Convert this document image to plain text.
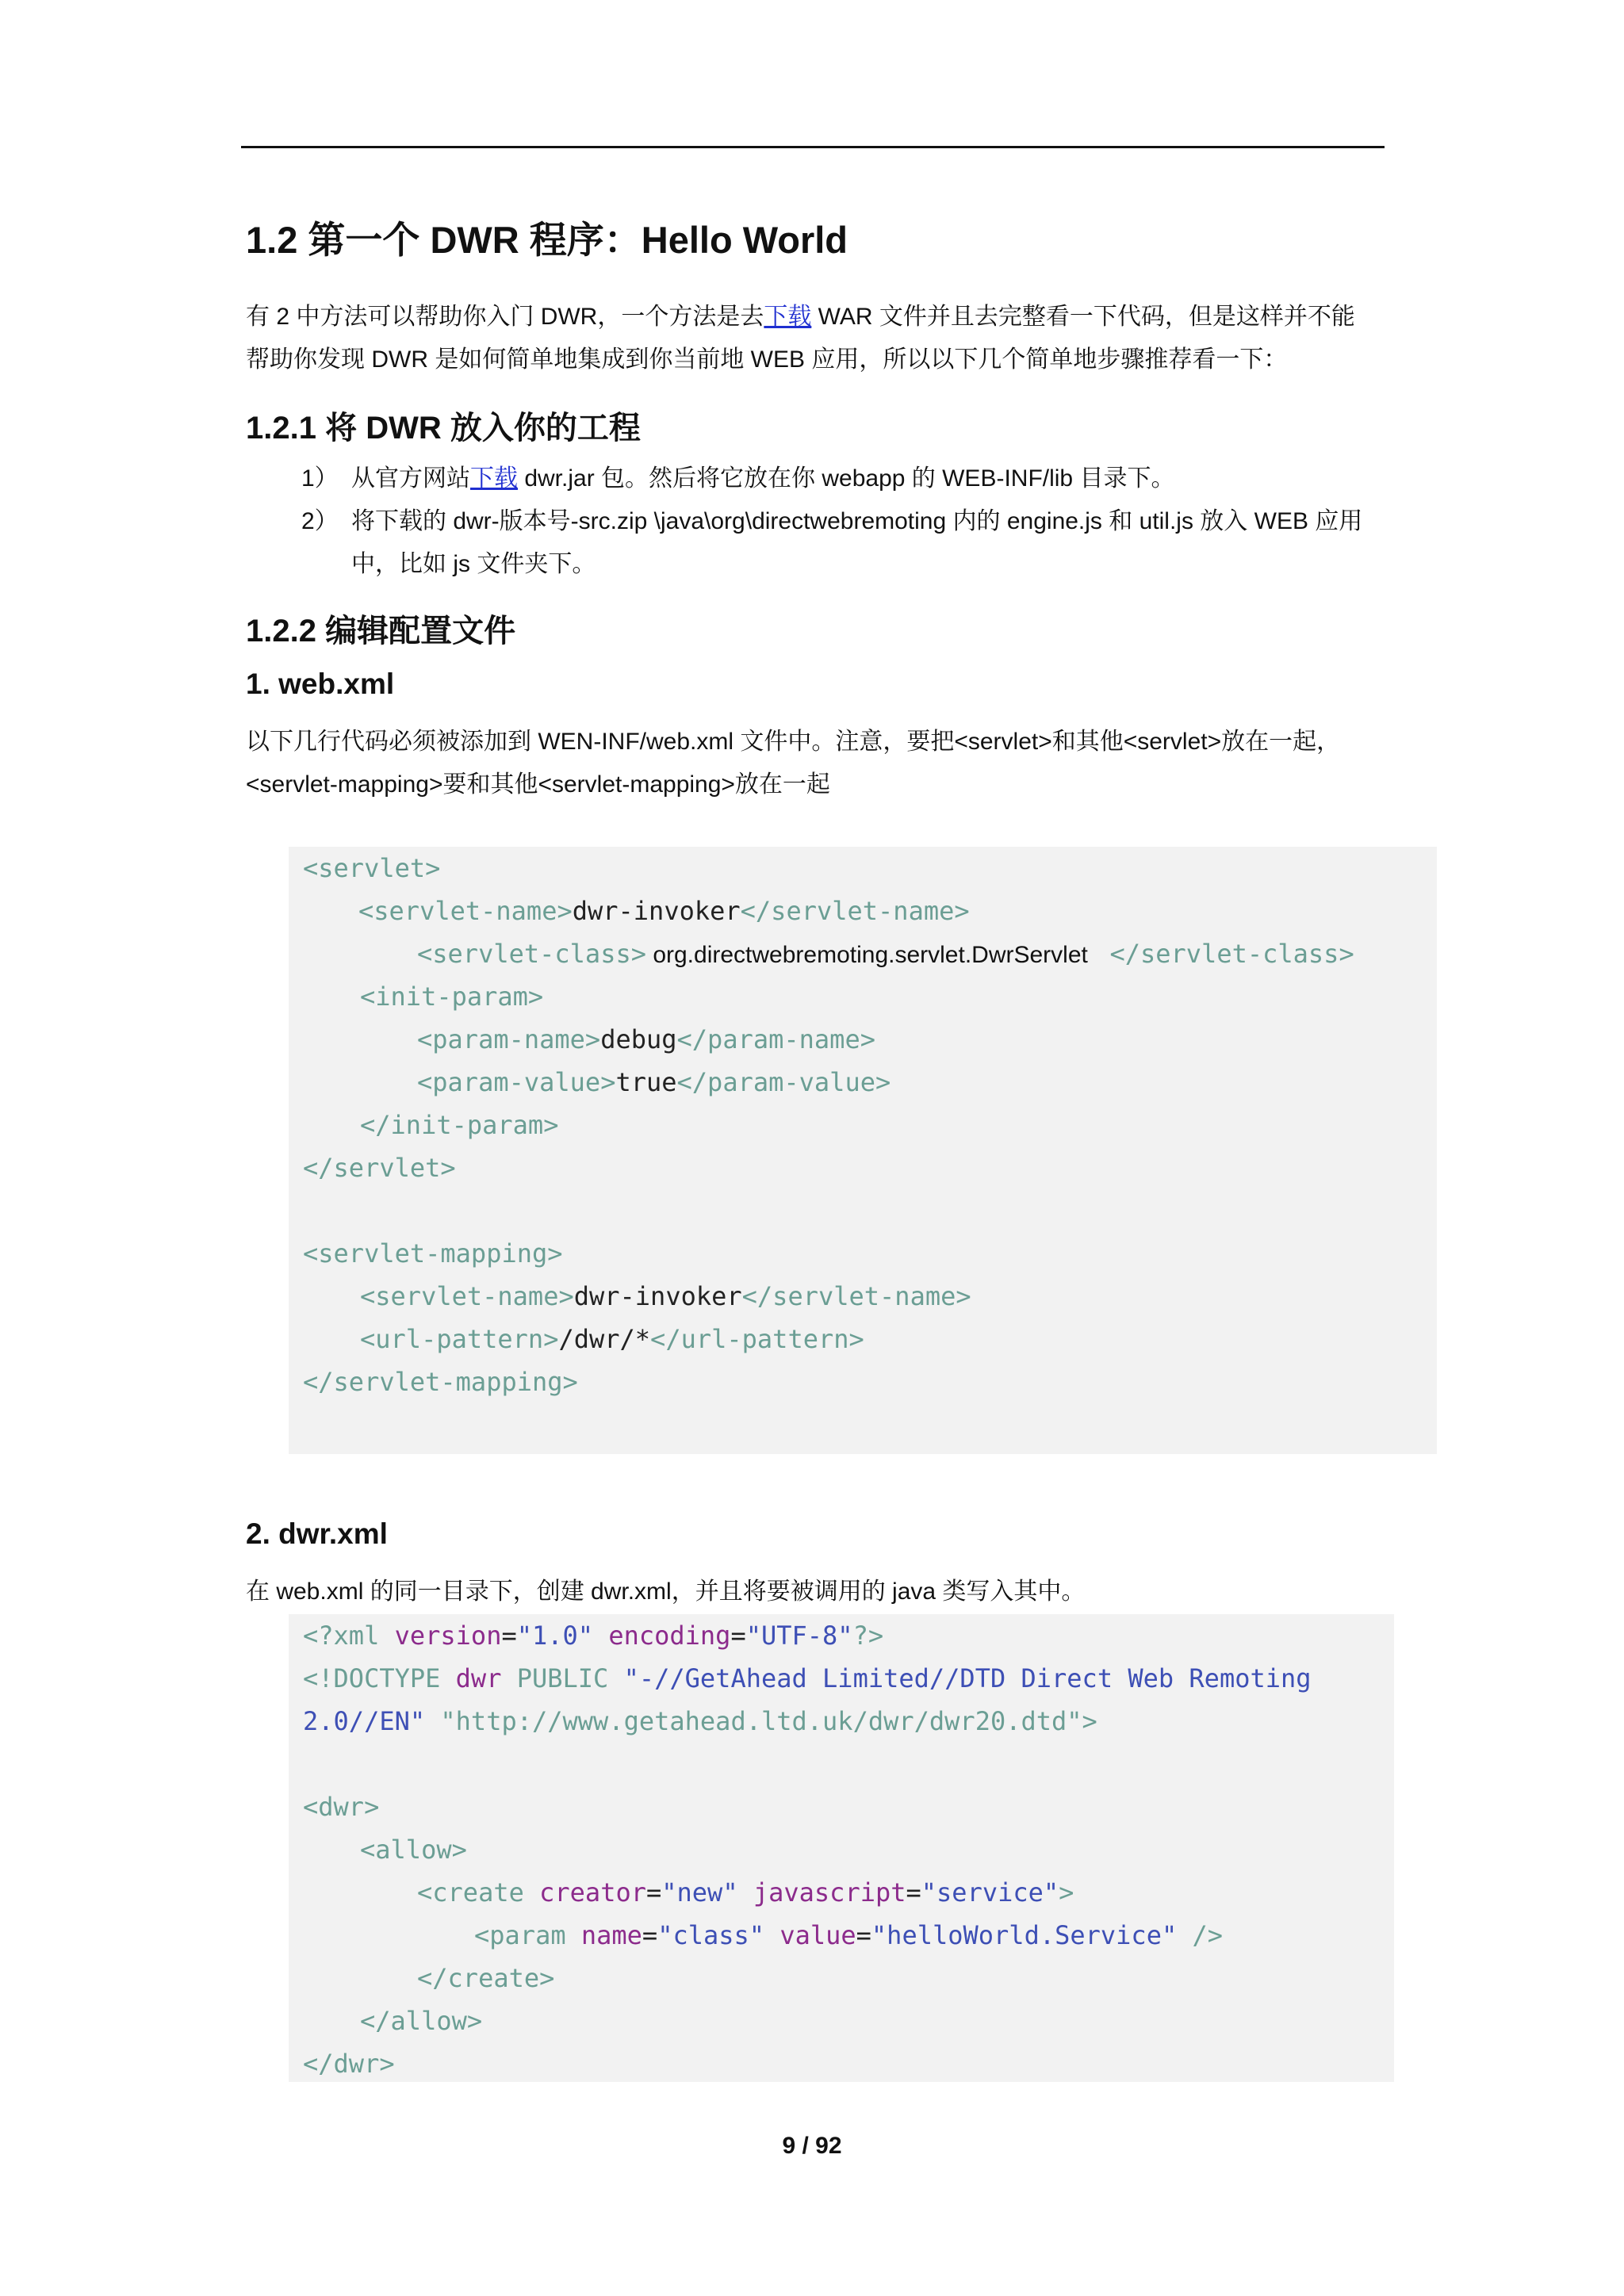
1.2 第一个 DWR 程序：Hello World
有 2 中方法可以帮助你入门 DWR，一个方法是去下载 WAR 文件并且去完整看一下代码，但是这样并不能
帮助你发现 DWR 是如何简单地集成到你当前地 WEB 应用，所以以下几个简单地步骤推荐看一下：
1.2.1 将 DWR 放入你的工程
1） 从官方网站下载 dwr.jar 包。然后将它放在你 webapp 的 WEB-INF/lib 目录下。
2） 将下载的 dwr-版本号-src.zip \java\org\directwebremoting 内的 engine.js 和 util.js 放入 WEB 应用
中，比如 js 文件夹下。
1.2.2 编辑配置文件
1. web.xml
以下几行代码必须被添加到 WEN-INF/web.xml 文件中。注意，要把<servlet>和其他<servlet>放在一起，
<servlet-mapping>要和其他<servlet-mapping>放在一起
<servlet>
<servlet-name>dwr-invoker</servlet-name>
<servlet-class> org.directwebremoting.servlet.DwrServlet  </servlet-class>
<init-param>
<param-name>debug</param-name>
<param-value>true</param-value>
</init-param>
</servlet>
<servlet-mapping>
<servlet-name>dwr-invoker</servlet-name>
<url-pattern>/dwr/*</url-pattern>
</servlet-mapping>
2. dwr.xml
在 web.xml 的同一目录下，创建 dwr.xml，并且将要被调用的 java 类写入其中。
<?xml version="1.0" encoding="UTF-8"?>
<!DOCTYPE dwr PUBLIC "-//GetAhead Limited//DTD Direct Web Remoting
2.0//EN" "http://www.getahead.ltd.uk/dwr/dwr20.dtd">
<dwr>
<allow>
<create creator="new" javascript="service">
<param name="class" value="helloWorld.Service" />
</create>
</allow>
</dwr>
9 / 92
